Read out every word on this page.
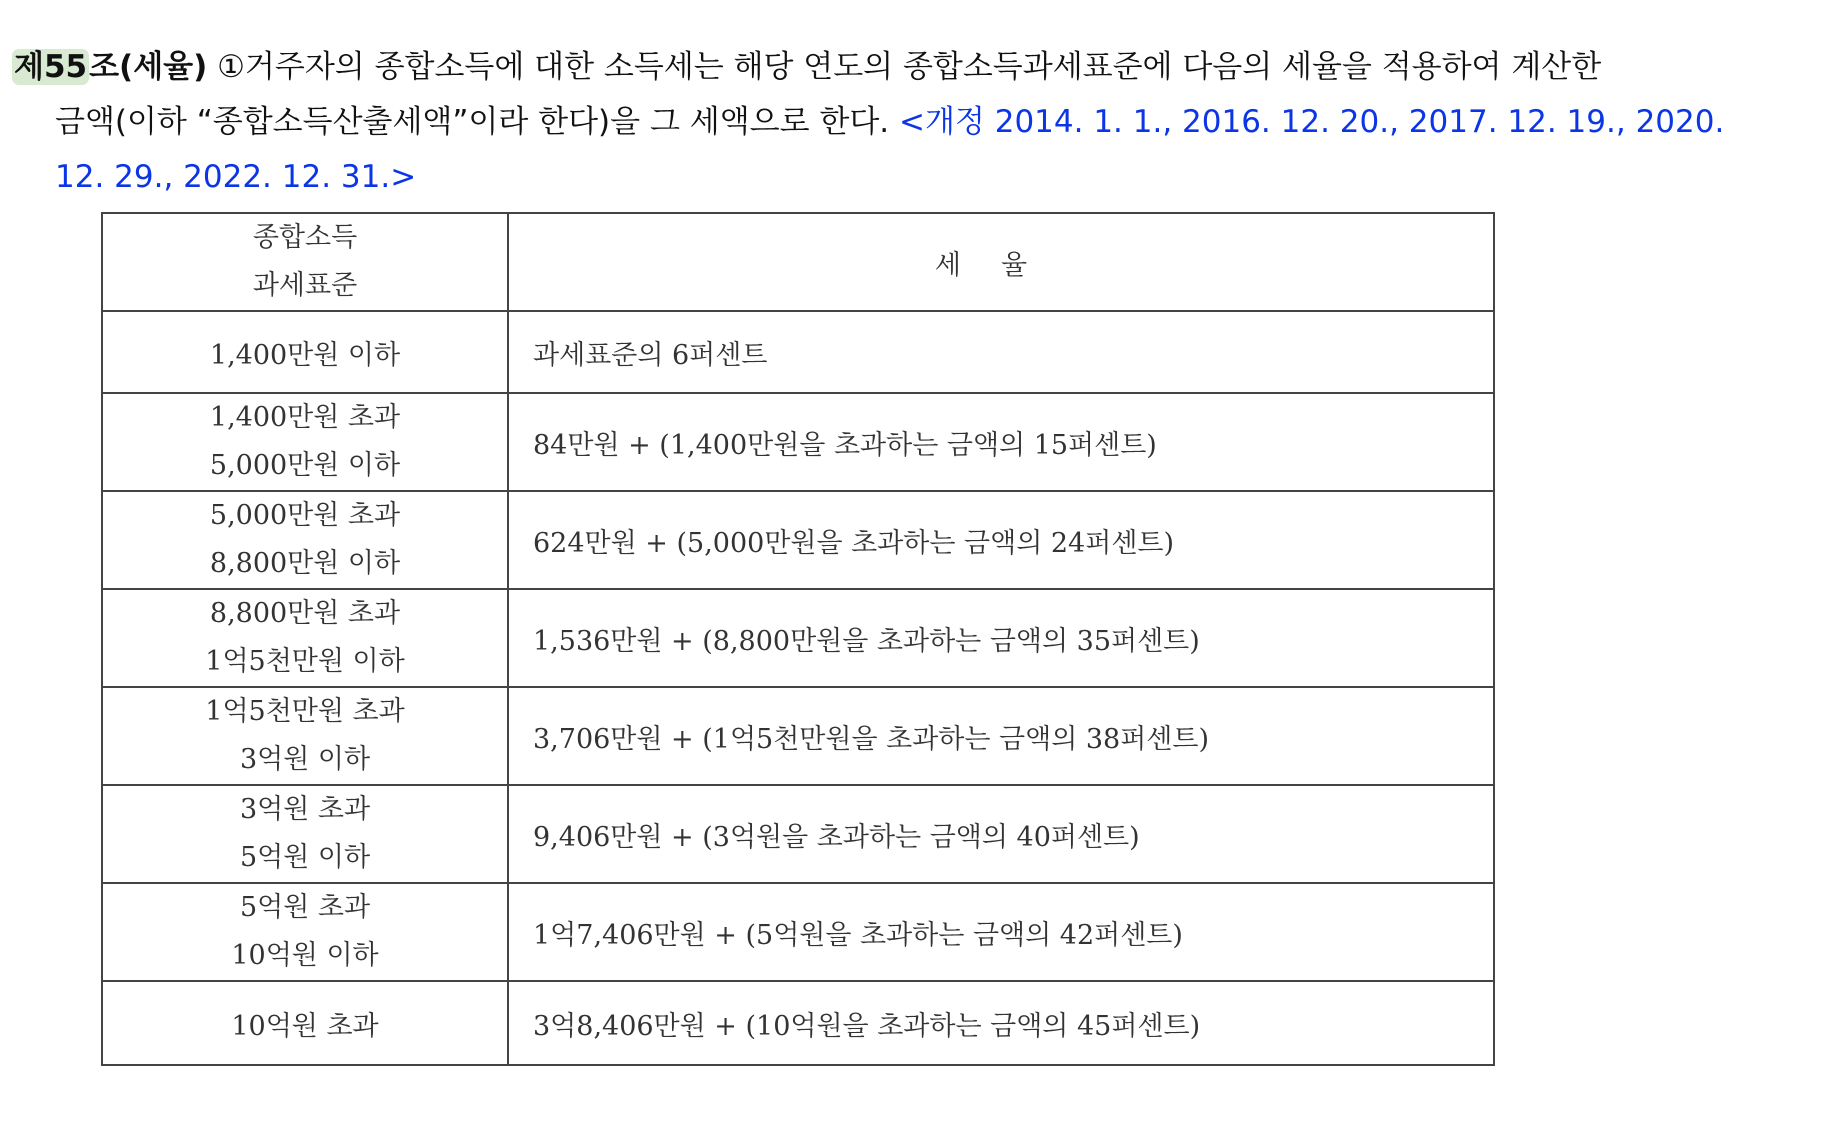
제55조(세율) ①거주자의 종합소득에 대한 소득세는 해당 연도의 종합소득과세표준에 다음의 세율을 적용하여 계산한
금액(이하 “종합소득산출세액”이라 한다)을 그 세액으로 한다. <개정 2014. 1. 1., 2016. 12. 20., 2017. 12. 19., 2020.
12. 29., 2022. 12. 31.>
종합소득
과세표준	세율

1,400만원 이하	과세표준의 6퍼센트

1,400만원 초과
5,000만원 이하	84만원 + (1,400만원을 초과하는 금액의 15퍼센트)

5,000만원 초과
8,800만원 이하	624만원 + (5,000만원을 초과하는 금액의 24퍼센트)

8,800만원 초과
1억5천만원 이하	1,536만원 + (8,800만원을 초과하는 금액의 35퍼센트)

1억5천만원 초과
3억원 이하	3,706만원 + (1억5천만원을 초과하는 금액의 38퍼센트)

3억원 초과
5억원 이하	9,406만원 + (3억원을 초과하는 금액의 40퍼센트)

5억원 초과
10억원 이하	1억7,406만원 + (5억원을 초과하는 금액의 42퍼센트)

10억원 초과	3억8,406만원 + (10억원을 초과하는 금액의 45퍼센트)
